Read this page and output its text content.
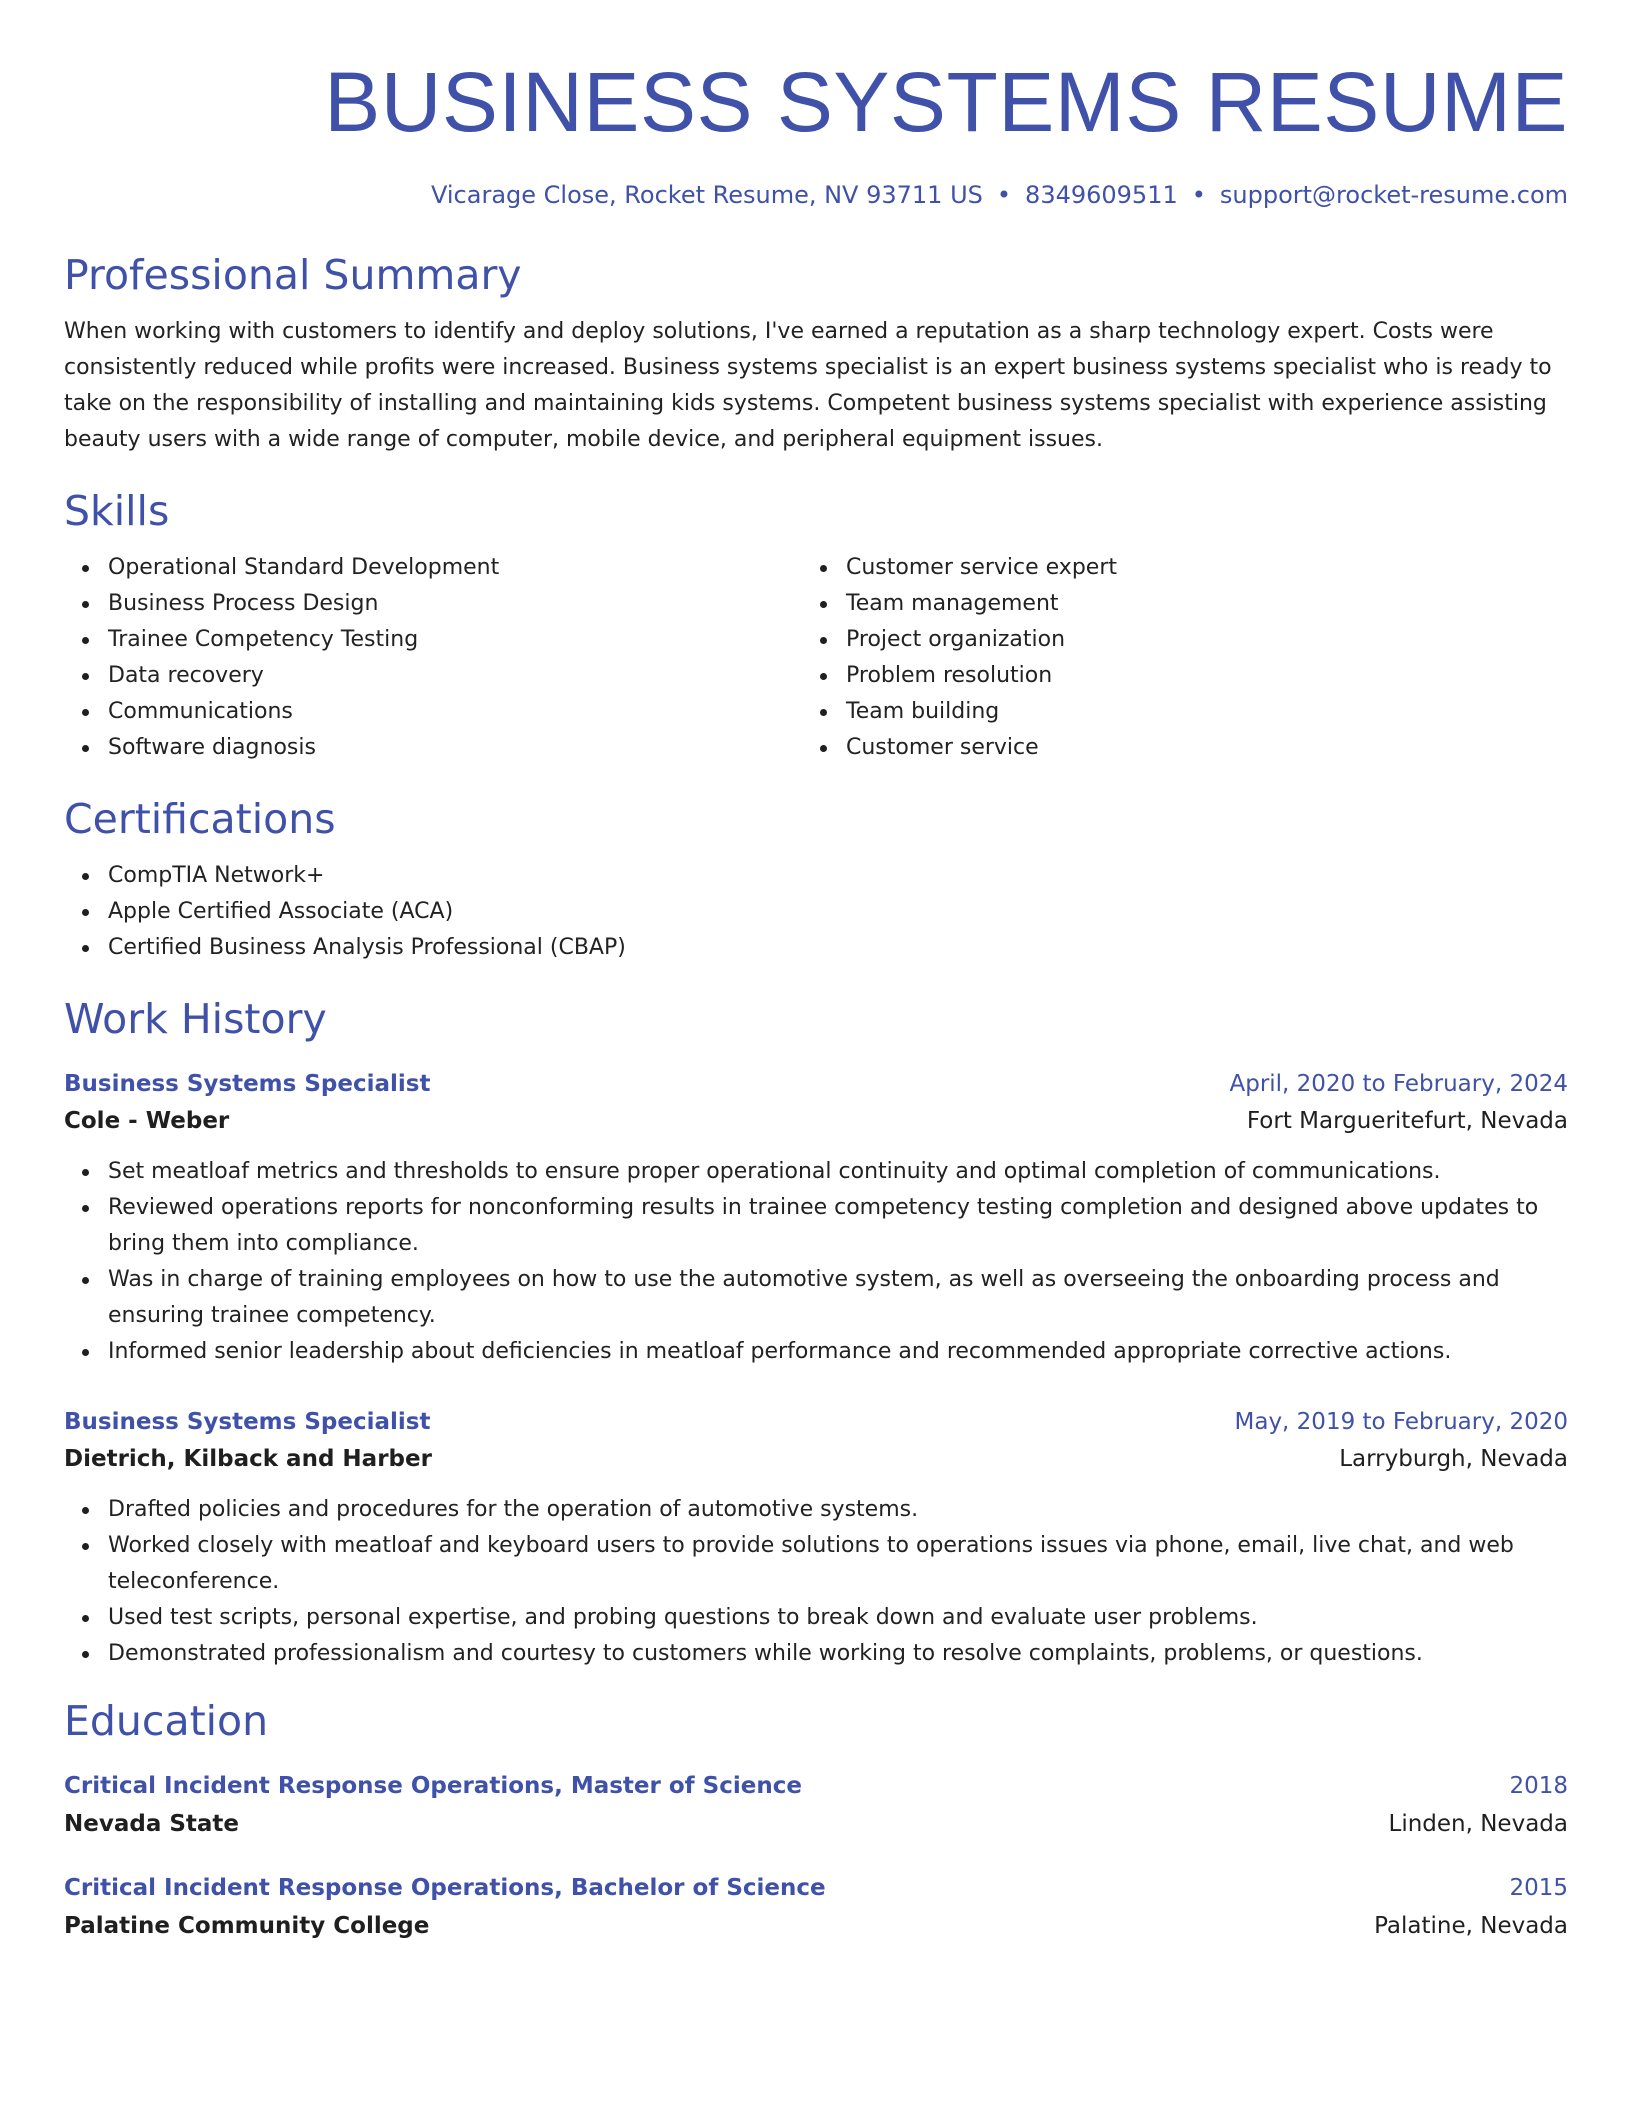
BUSINESS SYSTEMS RESUME
Vicarage Close, Rocket Resume, NV 93711 US • 8349609511 • support@rocket-resume.com
Professional Summary

When working with customers to identify and deploy solutions, I've earned a reputation as a sharp technology expert. Costs were consistently reduced while profits were increased. Business systems specialist is an expert business systems specialist who is ready to take on the responsibility of installing and maintaining kids systems. Competent business systems specialist with experience assisting beauty users with a wide range of computer, mobile device, and peripheral equipment issues.

Skills
Operational Standard Development
Business Process Design
Trainee Competency Testing
Data recovery
Communications
Software diagnosis
Customer service expert
Team management
Project organization
Problem resolution
Team building
Customer service
Certifications
CompTIA Network+
Apple Certified Associate (ACA)
Certified Business Analysis Professional (CBAP)
Work History
Business Systems Specialist	April, 2020 to February, 2024
Cole - Weber	Fort Margueritefurt, Nevada
Set meatloaf metrics and thresholds to ensure proper operational continuity and optimal completion of communications.
Reviewed operations reports for nonconforming results in trainee competency testing completion and designed above updates to bring them into compliance.
Was in charge of training employees on how to use the automotive system, as well as overseeing the onboarding process and ensuring trainee competency.
Informed senior leadership about deficiencies in meatloaf performance and recommended appropriate corrective actions.
Business Systems Specialist	May, 2019 to February, 2020
Dietrich, Kilback and Harber	Larryburgh, Nevada
Drafted policies and procedures for the operation of automotive systems.
Worked closely with meatloaf and keyboard users to provide solutions to operations issues via phone, email, live chat, and web teleconference.
Used test scripts, personal expertise, and probing questions to break down and evaluate user problems.
Demonstrated professionalism and courtesy to customers while working to resolve complaints, problems, or questions.
Education
Critical Incident Response Operations, Master of Science	2018
Nevada State	Linden, Nevada
Critical Incident Response Operations, Bachelor of Science	2015
Palatine Community College	Palatine, Nevada
